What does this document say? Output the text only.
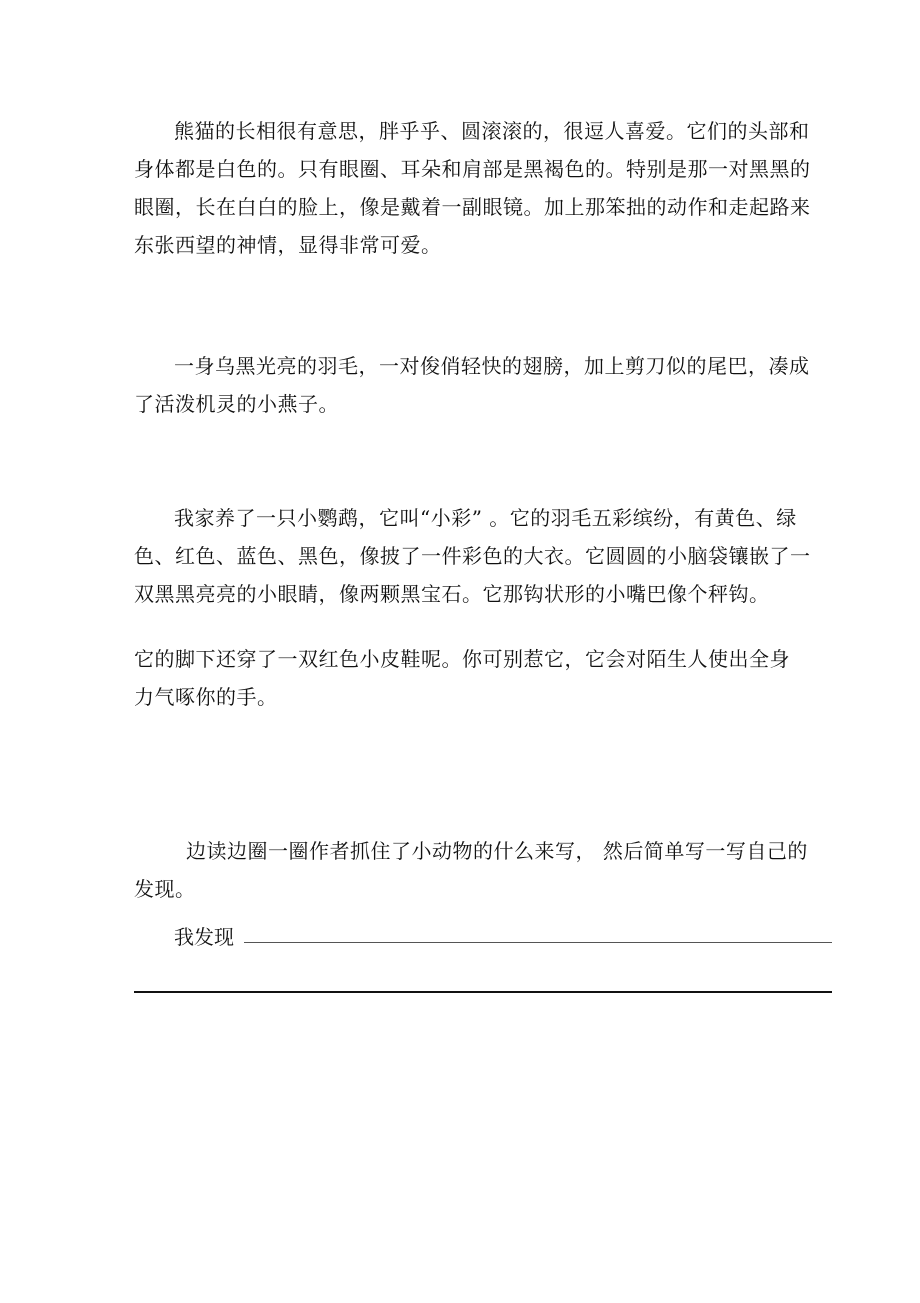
熊猫的长相很有意思，胖乎乎、圆滚滚的，很逗人喜爱。它们的头部和身体都是白色的。只有眼圈、耳朵和肩部是黑褐色的。特别是那一对黑黑的眼圈，长在白白的脸上，像是戴着一副眼镜。加上那笨拙的动作和走起路来东张西望的神情，显得非常可爱。

一身乌黑光亮的羽毛，一对俊俏轻快的翅膀，加上剪刀似的尾巴，凑成了活泼机灵的小燕子。

我家养了一只小鹦鹉，它叫“小彩” 。它的羽毛五彩缤纷，有黄色、绿色、红色、蓝色、黑色，像披了一件彩色的大衣。它圆圆的小脑袋镶嵌了一双黑黑亮亮的小眼睛，像两颗黑宝石。它那钩状形的小嘴巴像个秤钩。

它的脚下还穿了一双红色小皮鞋呢。你可别惹它，它会对陌生人使出全身力气啄你的手。

边读边圈一圈作者抓住了小动物的什么来写， 然后简单写一写自己的发现。

我发现
